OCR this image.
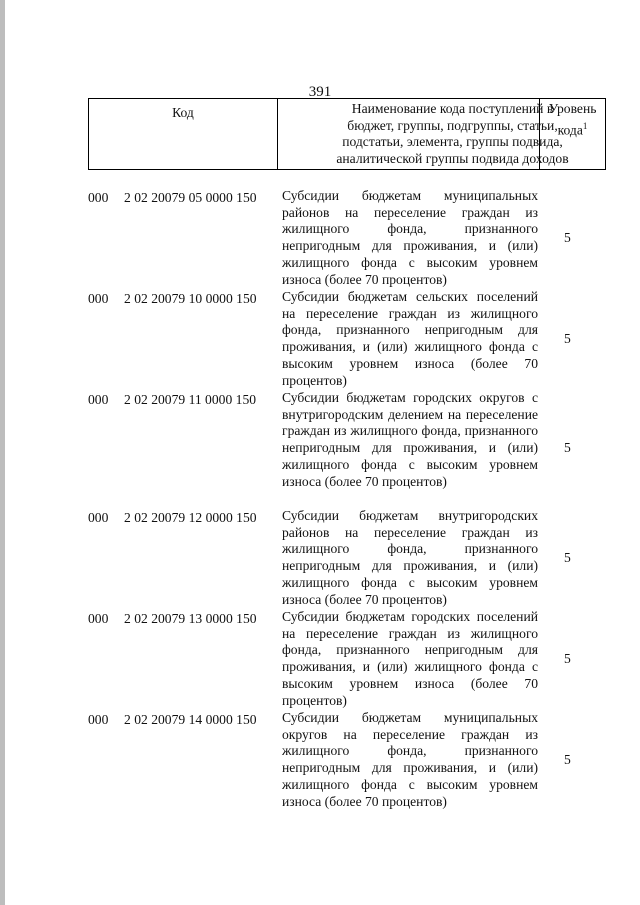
391
Код	Наименование кода поступлений в
бюджет, группы, подгруппы, статьи,
подстатьи, элемента, группы подвида,
аналитической группы подвида доходов
Уровень
кода$^1$
000 2 02 20079 05 0000 150 Субсидии бюджетам муниципальных районов на переселение граждан из жилищного фонда, признанного непригодным для проживания, и (или) жилищного фонда с высоким уровнем износа (более 70 процентов)
5
000 2 02 20079 10 0000 150 Субсидии бюджетам сельских поселений на переселение граждан из жилищного фонда, признанного непригодным для проживания, и (или) жилищного фонда с высоким уровнем износа (более 70 процентов)
5
000 2 02 20079 11 0000 150 Субсидии бюджетам городских округов с внутригородским делением на переселение граждан из жилищного фонда, признанного непригодным для проживания, и (или) жилищного фонда с высоким уровнем износа (более 70 процентов)
5
000 2 02 20079 12 0000 150 Субсидии бюджетам внутригородских районов на переселение граждан из жилищного фонда, признанного непригодным для проживания, и (или) жилищного фонда с высоким уровнем износа (более 70 процентов)
5
000 2 02 20079 13 0000 150 Субсидии бюджетам городских поселений на переселение граждан из жилищного фонда, признанного непригодным для проживания, и (или) жилищного фонда с высоким уровнем износа (более 70 процентов)
5
000 2 02 20079 14 0000 150 Субсидии бюджетам муниципальных округов на переселение граждан из жилищного фонда, признанного непригодным для проживания, и (или) жилищного фонда с высоким уровнем износа (более 70 процентов)
5
